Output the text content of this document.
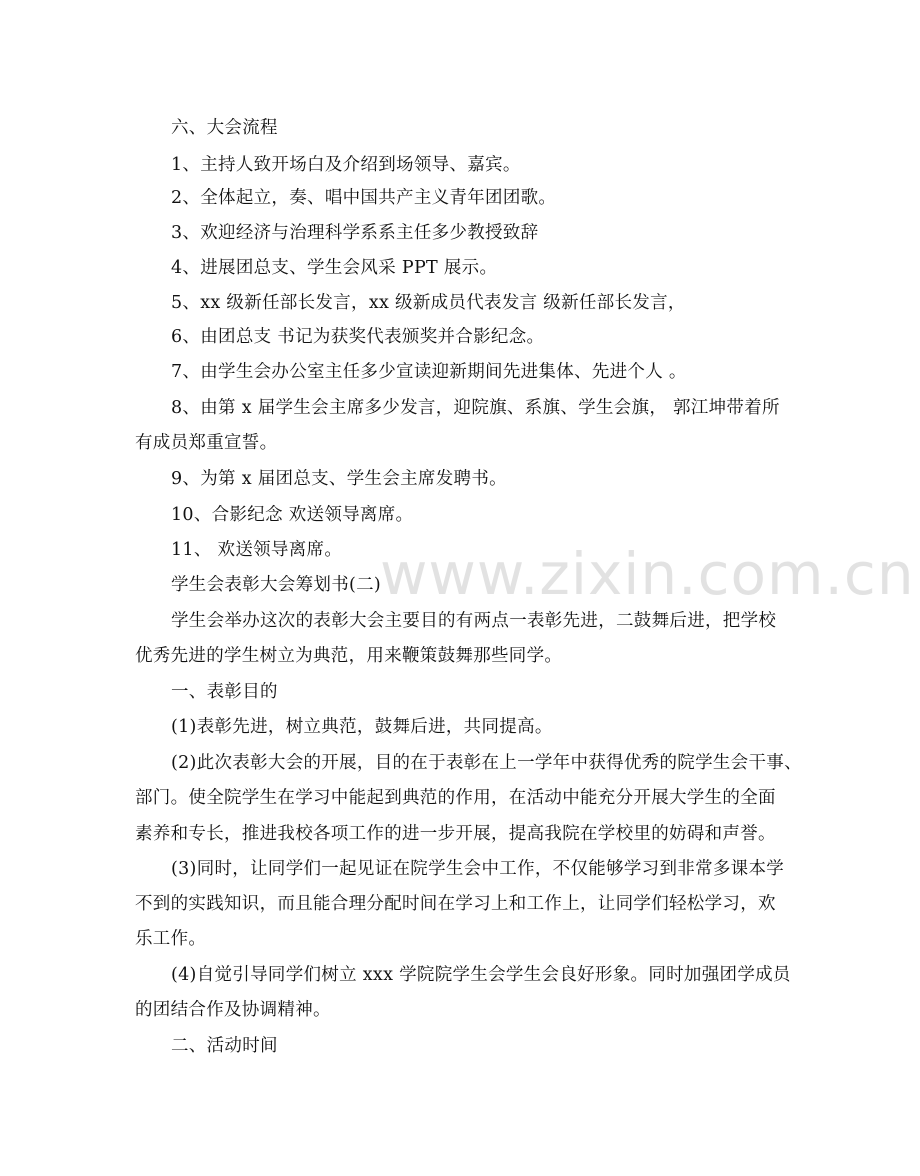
www.zixin.com.cn
六、大会流程
1、主持人致开场白及介绍到场领导、嘉宾。
2、全体起立，奏、唱中国共产主义青年团团歌。
3、欢迎经济与治理科学系系主任多少教授致辞
4、进展团总支、学生会风采 PPT 展示。
5、xx 级新任部长发言，xx 级新成员代表发言 级新任部长发言，
6、由团总支 书记为获奖代表颁奖并合影纪念。
7、由学生会办公室主任多少宣读迎新期间先进集体、先进个人 。
8、由第 x 届学生会主席多少发言，迎院旗、系旗、学生会旗， 郭江坤带着所
有成员郑重宣誓。
9、为第 x 届团总支、学生会主席发聘书。
10、合影纪念 欢送领导离席。
11、 欢送领导离席。
学生会表彰大会筹划书(二)
学生会举办这次的表彰大会主要目的有两点一表彰先进，二鼓舞后进，把学校
优秀先进的学生树立为典范，用来鞭策鼓舞那些同学。
一、表彰目的
(1)表彰先进，树立典范，鼓舞后进，共同提高。
(2)此次表彰大会的开展，目的在于表彰在上一学年中获得优秀的院学生会干事、
部门。使全院学生在学习中能起到典范的作用，在活动中能充分开展大学生的全面
素养和专长，推进我校各项工作的进一步开展，提高我院在学校里的妨碍和声誉。
(3)同时，让同学们一起见证在院学生会中工作，不仅能够学习到非常多课本学
不到的实践知识，而且能合理分配时间在学习上和工作上，让同学们轻松学习，欢
乐工作。
(4)自觉引导同学们树立 xxx 学院院学生会学生会良好形象。同时加强团学成员
的团结合作及协调精神。
二、活动时间
